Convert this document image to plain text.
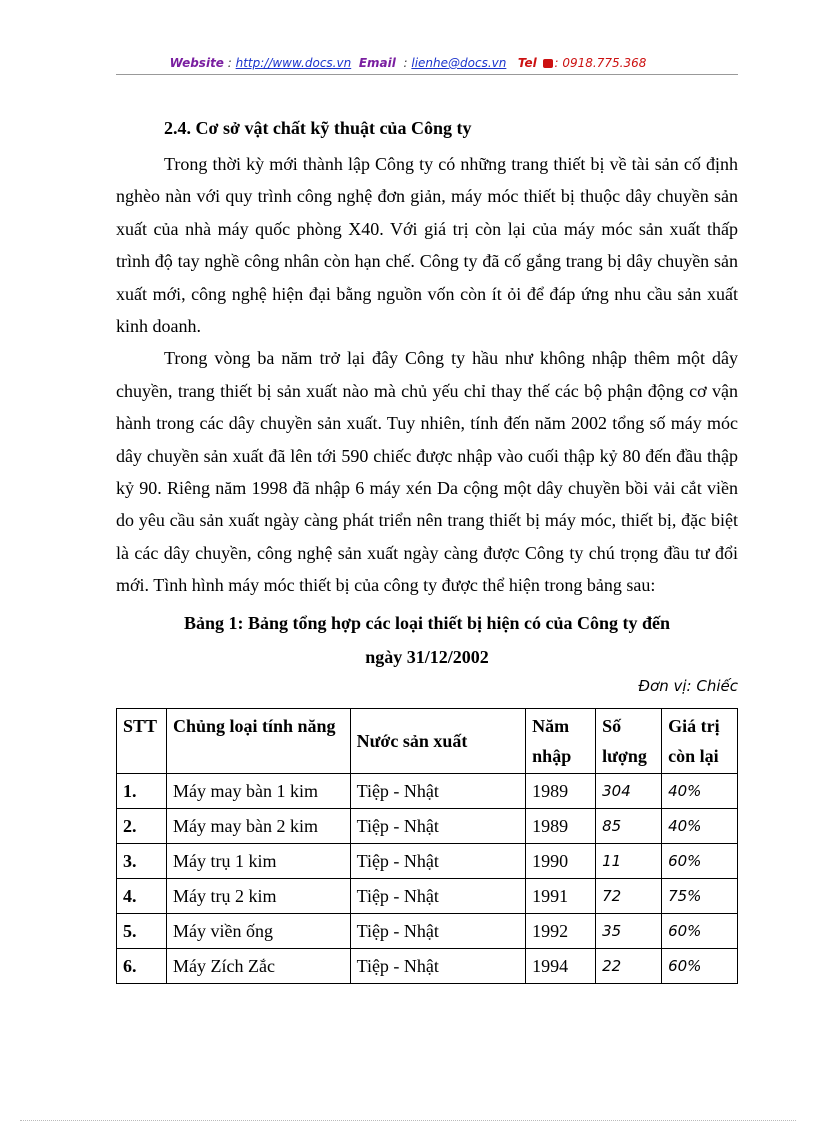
Website : http://www.docs.vn Email  : lienhe@docs.vn Tel : 0918.775.368

2.4. Cơ sở vật chất kỹ thuật của Công ty

Trong thời kỳ mới thành lập Công ty có những trang thiết bị về tài sản cố định nghèo nàn với quy trình công nghệ đơn giản, máy móc thiết bị thuộc dây chuyền sản xuất của nhà máy quốc phòng X40. Với giá trị còn lại của máy móc sản xuất thấp trình độ tay nghề công nhân còn hạn chế. Công ty đã cố gắng trang bị dây chuyền sản xuất mới, công nghệ hiện đại bằng nguồn vốn còn ít ỏi để đáp ứng nhu cầu sản xuất kinh doanh.

Trong vòng ba năm trở lại đây Công ty hầu như không nhập thêm một dây chuyền, trang thiết bị sản xuất nào mà chủ yếu chỉ thay thế các bộ phận động cơ vận hành trong các dây chuyền sản xuất. Tuy nhiên, tính đến năm 2002 tổng số máy móc dây chuyền sản xuất đã lên tới 590 chiếc được nhập vào cuối thập kỷ 80 đến đầu thập kỷ 90. Riêng năm 1998 đã nhập 6 máy xén Da cộng một dây chuyền bồi vải cắt viền do yêu cầu sản xuất ngày càng phát triển nên trang thiết bị máy móc, thiết bị, đặc biệt là các dây chuyền, công nghệ sản xuất ngày càng được Công ty chú trọng đầu tư đổi mới. Tình hình máy móc thiết bị của công ty được thể hiện trong bảng sau:

Bảng 1: Bảng tổng hợp các loại thiết bị hiện có của Công ty đến

ngày 31/12/2002

Đơn vị: Chiếc

STT	Chủng loại tính năng	Nước sản xuất	Năm nhập	Số lượng	Giá trị còn lại
1.	Máy may bàn 1 kim	Tiệp - Nhật	1989	304	40%
2.	Máy may bàn 2 kim	Tiệp - Nhật	1989	85	40%
3.	Máy trụ 1 kim	Tiệp - Nhật	1990	11	60%
4.	Máy trụ 2 kim	Tiệp - Nhật	1991	72	75%
5.	Máy viền ống	Tiệp - Nhật	1992	35	60%
6.	Máy Zích Zắc	Tiệp - Nhật	1994	22	60%
